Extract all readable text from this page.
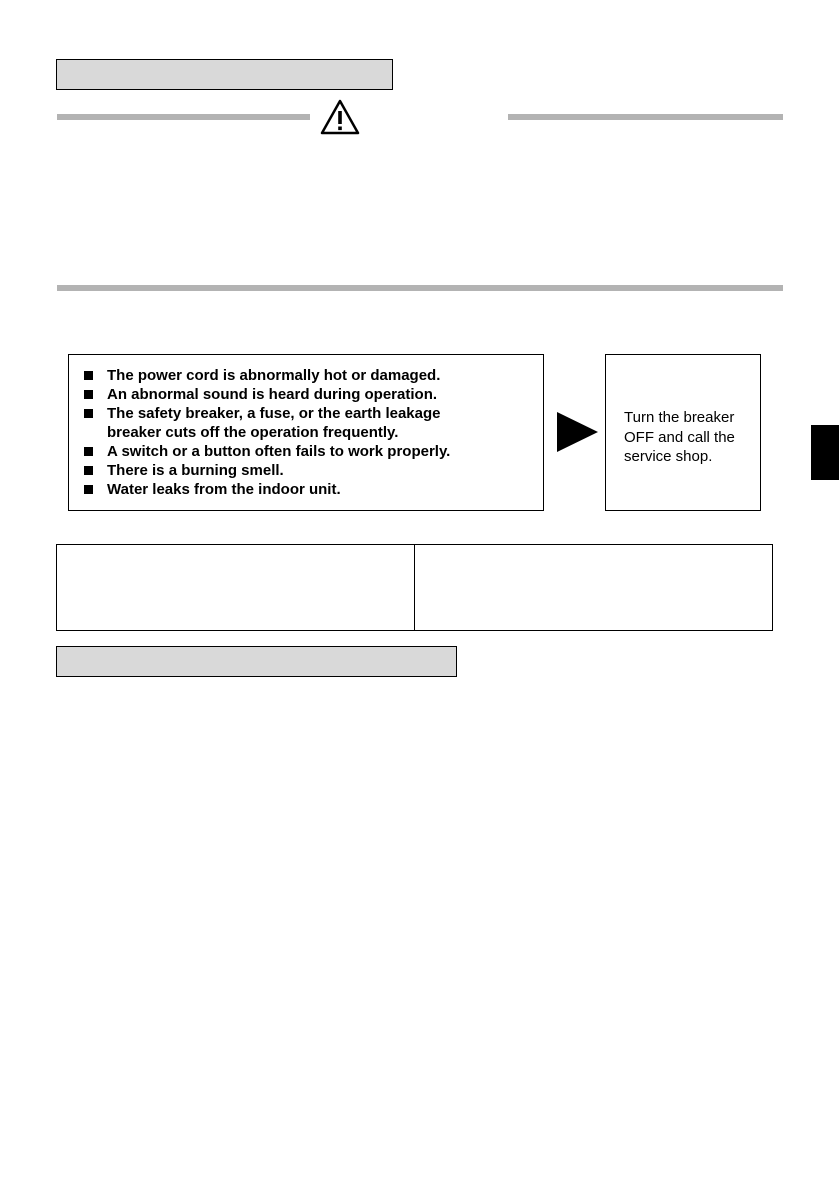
The power cord is abnormally hot or damaged.
An abnormal sound is heard during operation.
The safety breaker, a fuse, or the earth leakage breaker cuts off the operation frequently.
A switch or a button often fails to work properly.
There is a burning smell.
Water leaks from the indoor unit.
Turn the breaker OFF and call the service shop.
